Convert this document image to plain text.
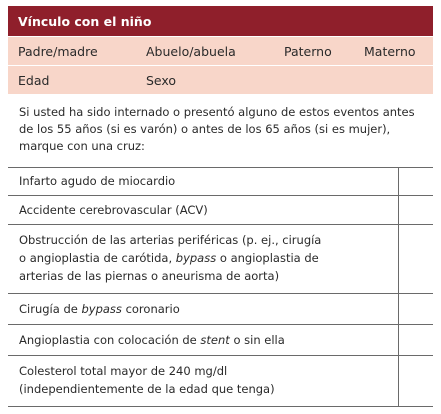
Vínculo con el niño
Padre/madre	Abuelo/abuela	Paterno	Materno
Edad	Sexo
Si usted ha sido internado o presentó alguno de estos eventos antes
de los 55 años (si es varón) o antes de los 65 años (si es mujer),
marque con una cruz:
Infarto agudo de miocardio
Accidente cerebrovascular (ACV)
Obstrucción de las arterias periféricas (p. ej., cirugía
o angioplastia de carótida, bypass o angioplastia de
arterias de las piernas o aneurisma de aorta)
Cirugía de bypass coronario
Angioplastia con colocación de stent o sin ella
Colesterol total mayor de 240 mg/dl
(independientemente de la edad que tenga)
